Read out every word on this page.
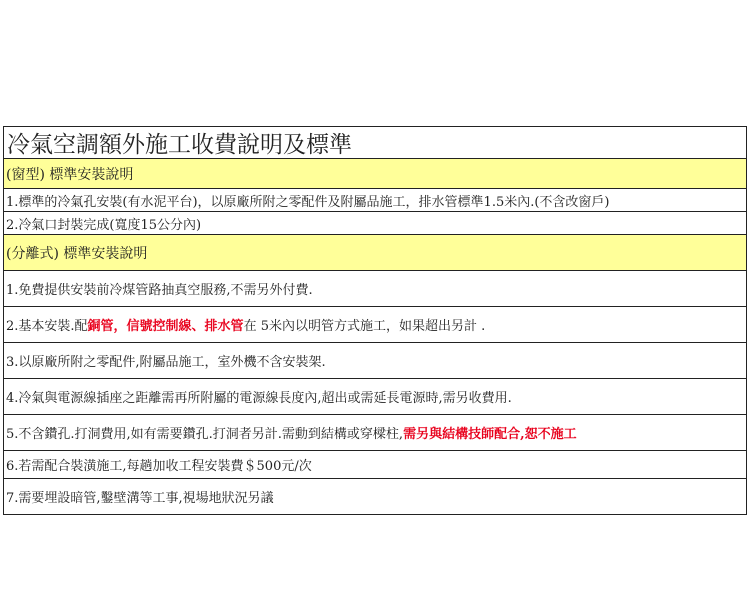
冷氣空調額外施工收費說明及標準
(窗型) 標準安裝說明
1.標準的冷氣孔安裝(有水泥平台)，以原廠所附之零配件及附屬品施工，排水管標準1.5米內.(不含改窗戶)
2.冷氣口封裝完成(寬度15公分內)
(分離式) 標準安裝說明
1.免費提供安裝前冷煤管路抽真空服務,不需另外付費.
2.基本安裝.配 銅管，信號控制線、排水管 在 5米內以明管方式施工，如果超出另計 .
3.以原廠所附之零配件,附屬品施工，室外機不含安裝架.
4.冷氣與電源線插座之距離需再所附屬的電源線長度內,超出或需延長電源時,需另收費用.
5.不含鑽孔.打洞費用,如有需要鑽孔.打洞者另計.需動到結構或穿樑柱, 需另與結構技師配合,恕不施工
6.若需配合裝潢施工,每趟加收工程安裝費＄500元/次
7.需要埋設暗管,鑿壁溝等工事,視場地狀況另議
